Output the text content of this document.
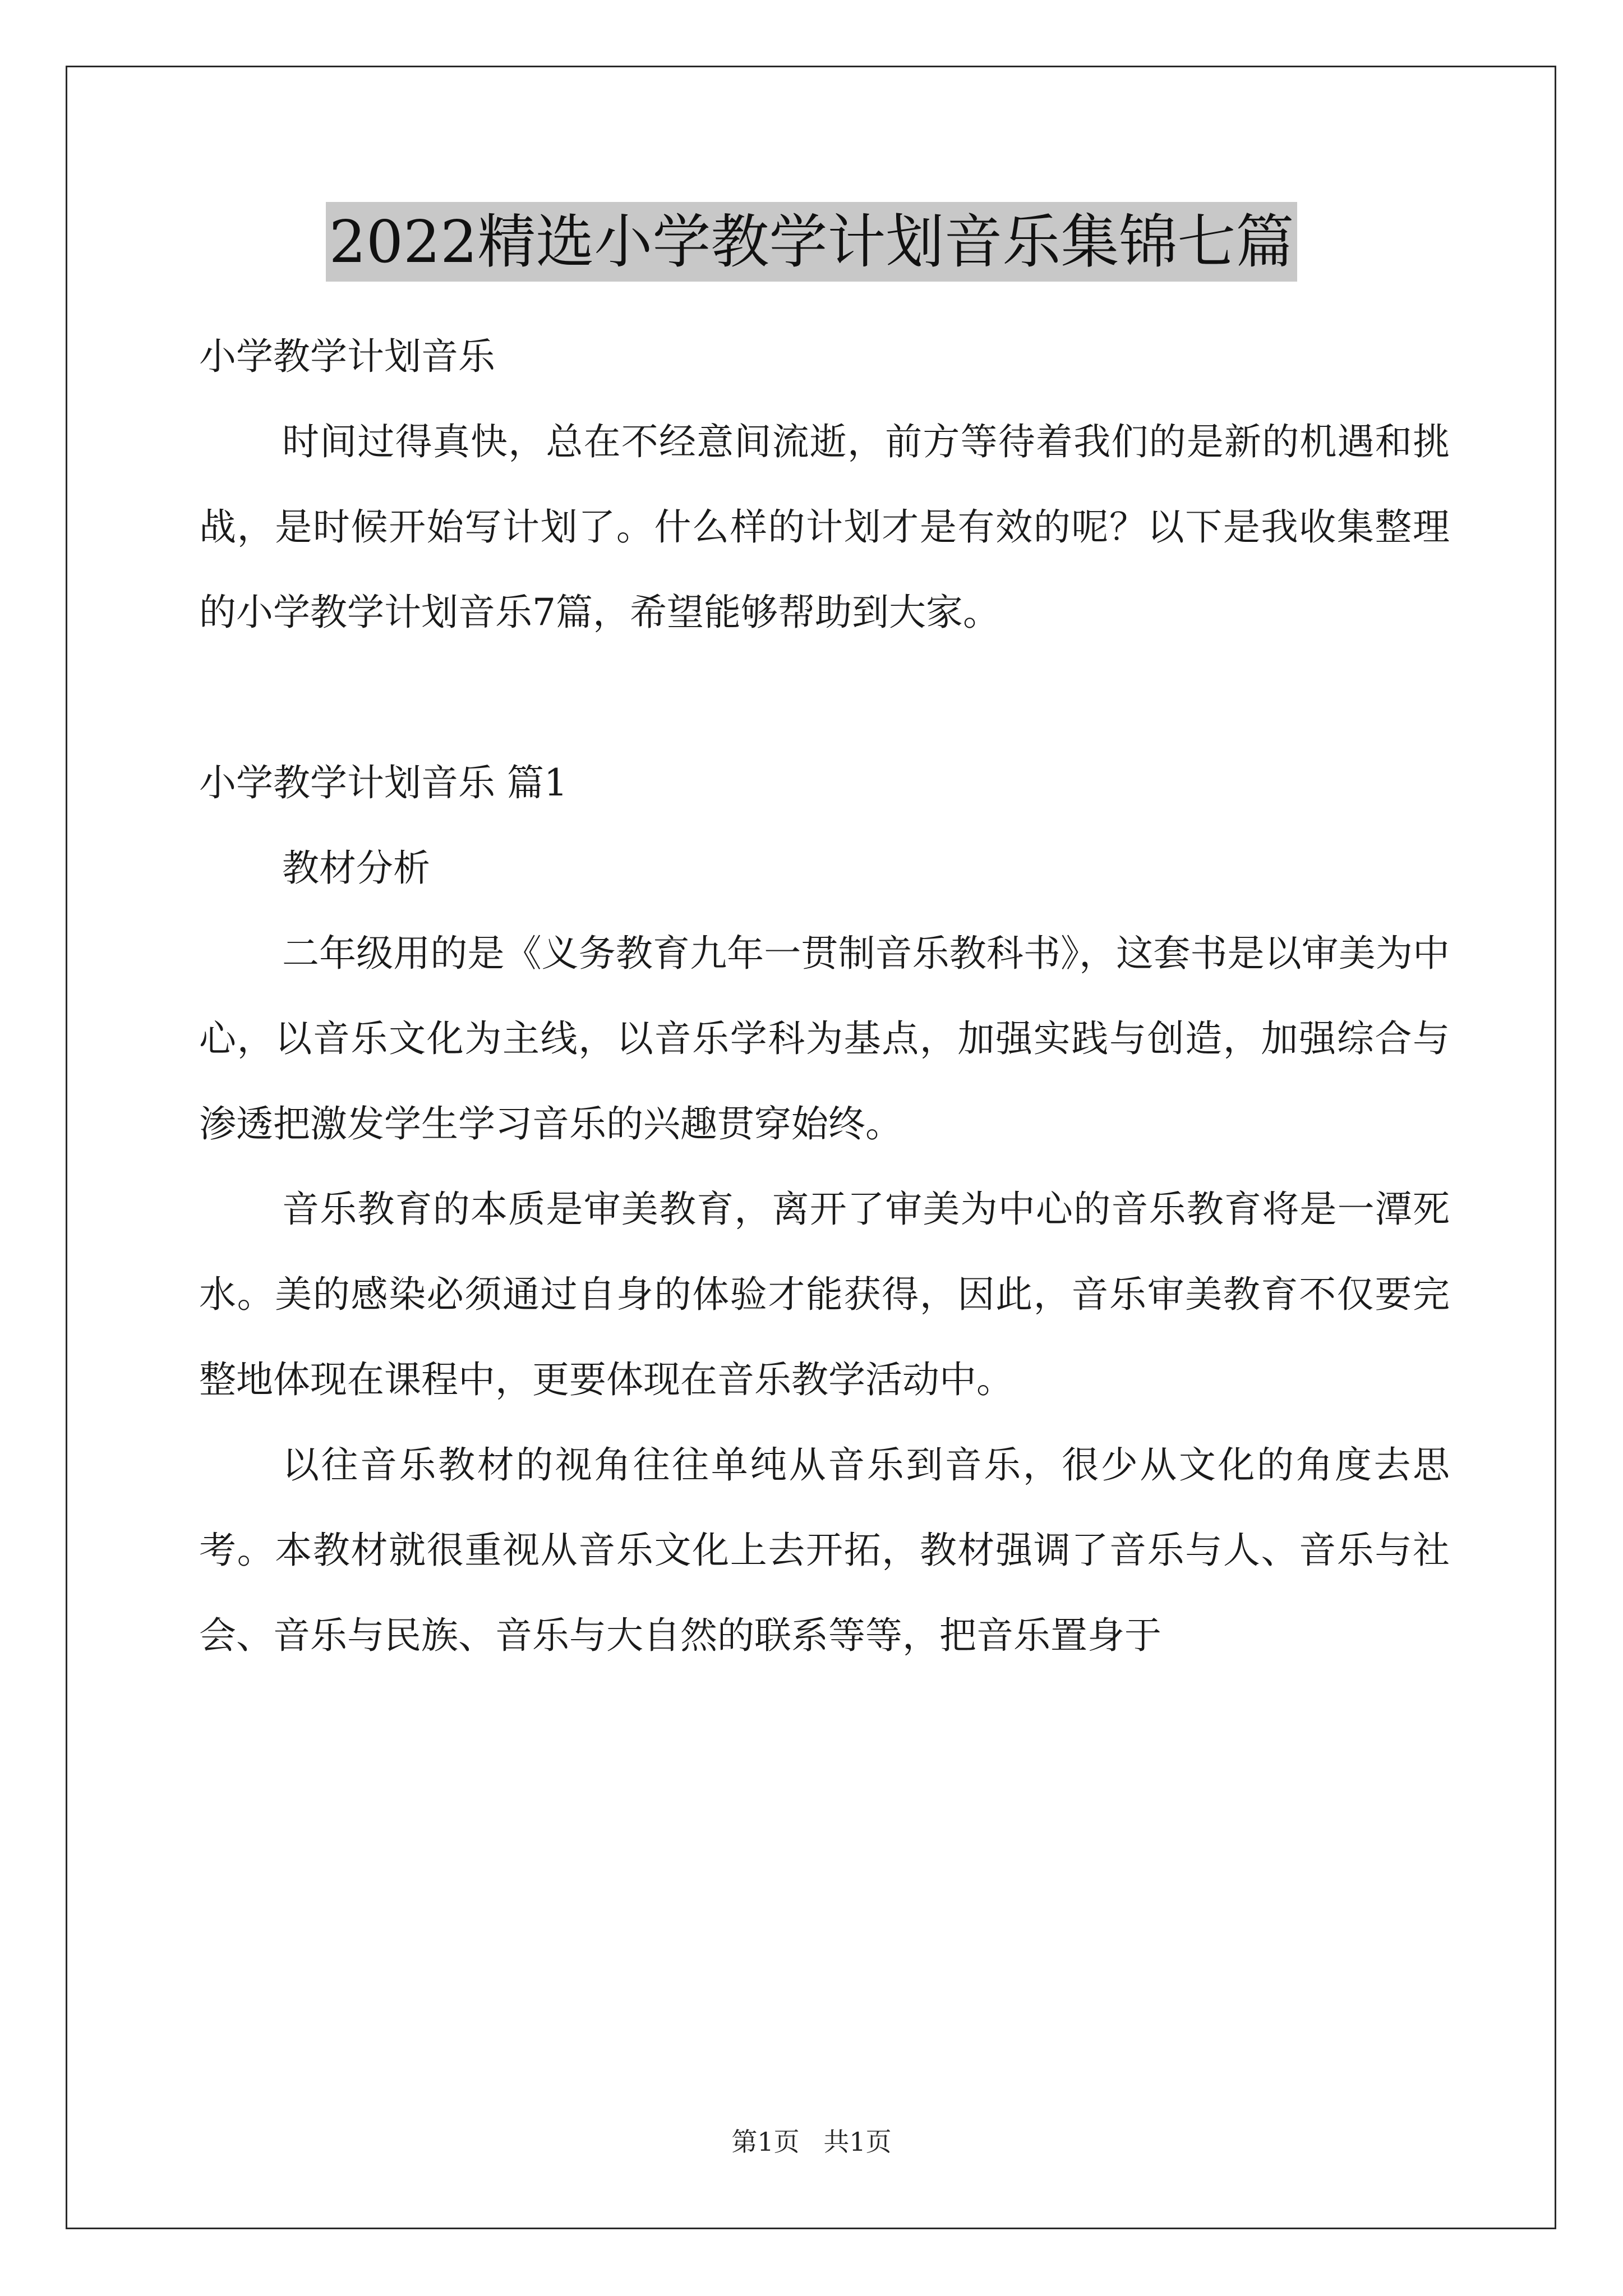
2022精选小学教学计划音乐集锦七篇

小学教学计划音乐

时间过得真快，总在不经意间流逝，前方等待着我们的是新的机遇和挑战，是时候开始写计划了。什么样的计划才是有效的呢？以下是我收集整理的小学教学计划音乐7篇，希望能够帮助到大家。

小学教学计划音乐 篇1

教材分析

二年级用的是《义务教育九年一贯制音乐教科书》，这套书是以审美为中心，以音乐文化为主线，以音乐学科为基点，加强实践与创造，加强综合与渗透把激发学生学习音乐的兴趣贯穿始终。

音乐教育的本质是审美教育，离开了审美为中心的音乐教育将是一潭死水。美的感染必须通过自身的体验才能获得，因此，音乐审美教育不仅要完整地体现在课程中，更要体现在音乐教学活动中。

以往音乐教材的视角往往单纯从音乐到音乐，很少从文化的角度去思考。本教材就很重视从音乐文化上去开拓，教材强调了音乐与人、音乐与社会、音乐与民族、音乐与大自然的联系等等，把音乐置身于

第1页 共1页
